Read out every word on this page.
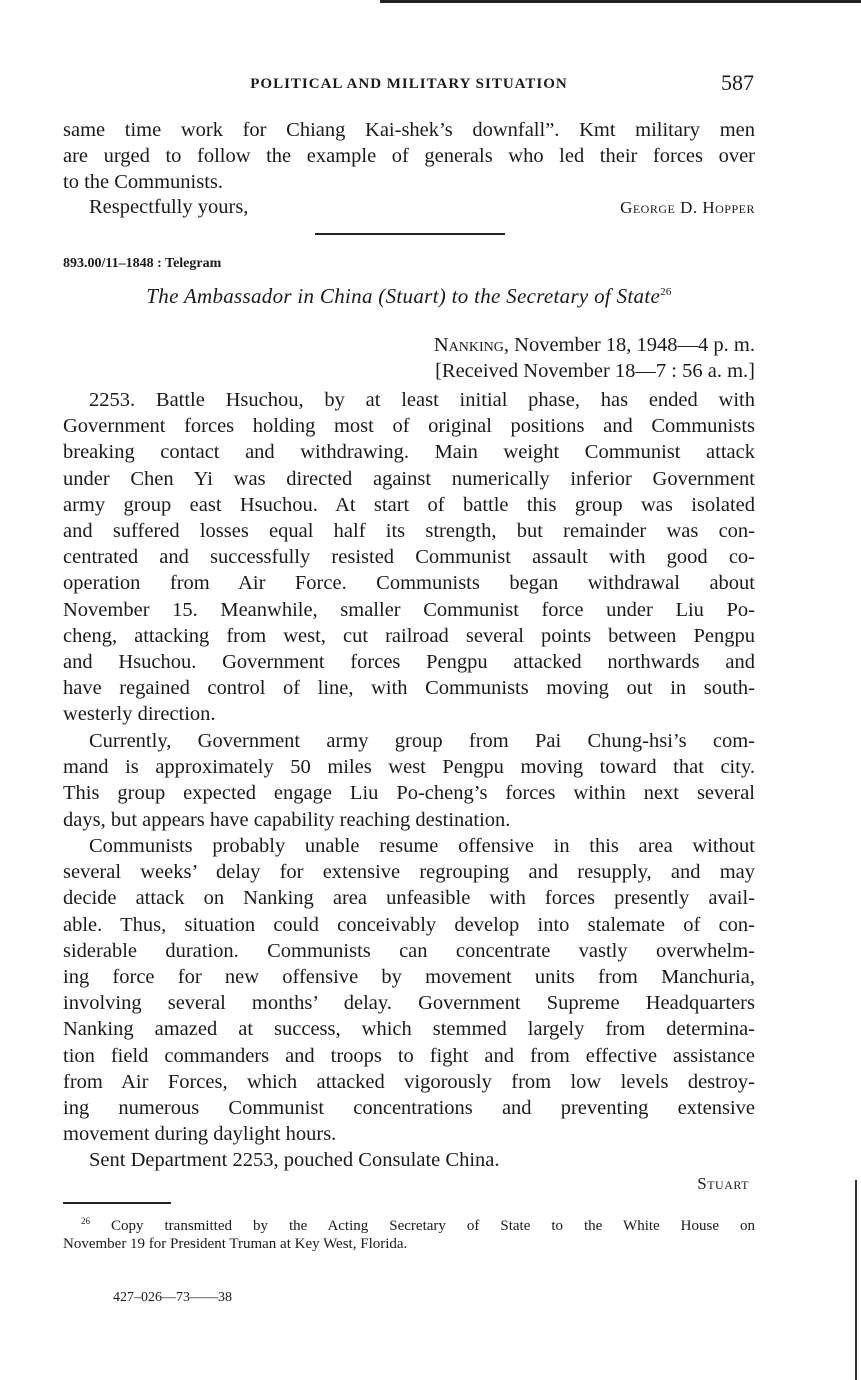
POLITICAL AND MILITARY SITUATION	587
same time work for Chiang Kai-shek’s downfall”. Kmt military men
are urged to follow the example of generals who led their forces over
to the Communists.
Respectfully yours,	George D. Hopper
893.00/11–1848 : Telegram
The Ambassador in China (Stuart) to the Secretary of State$^{26}$
Nanking, November 18, 1948—4 p. m.
[Received November 18—7 : 56 a. m.]
2253. Battle Hsuchou, by at least initial phase, has ended with
Government forces holding most of original positions and Communists
breaking contact and withdrawing. Main weight Communist attack
under Chen Yi was directed against numerically inferior Government
army group east Hsuchou. At start of battle this group was isolated
and suffered losses equal half its strength, but remainder was con-
centrated and successfully resisted Communist assault with good co-
operation from Air Force. Communists began withdrawal about
November 15. Meanwhile, smaller Communist force under Liu Po-
cheng, attacking from west, cut railroad several points between Pengpu
and Hsuchou. Government forces Pengpu attacked northwards and
have regained control of line, with Communists moving out in south-
westerly direction.
Currently, Government army group from Pai Chung-hsi’s com-
mand is approximately 50 miles west Pengpu moving toward that city.
This group expected engage Liu Po-cheng’s forces within next several
days, but appears have capability reaching destination.
Communists probably unable resume offensive in this area without
several weeks’ delay for extensive regrouping and resupply, and may
decide attack on Nanking area unfeasible with forces presently avail-
able. Thus, situation could conceivably develop into stalemate of con-
siderable duration. Communists can concentrate vastly overwhelm-
ing force for new offensive by movement units from Manchuria,
involving several months’ delay. Government Supreme Headquarters
Nanking amazed at success, which stemmed largely from determina-
tion field commanders and troops to fight and from effective assistance
from Air Forces, which attacked vigorously from low levels destroy-
ing numerous Communist concentrations and preventing extensive
movement during daylight hours.
Sent Department 2253, pouched Consulate China.
Stuart
$^{26}$ Copy transmitted by the Acting Secretary of State to the White House on
November 19 for President Truman at Key West, Florida.
427–026—73——38
